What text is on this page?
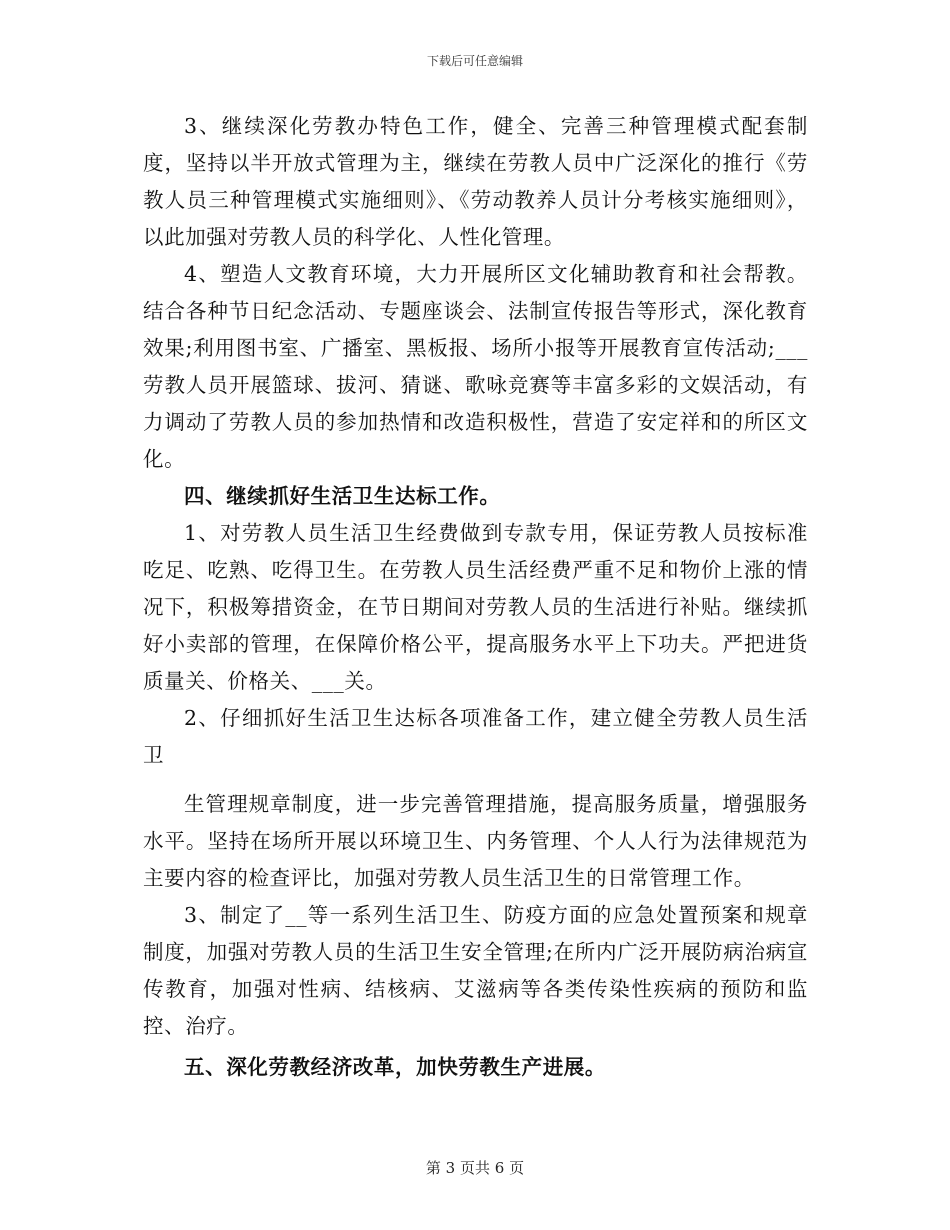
下载后可任意编辑

3、继续深化劳教办特色工作，健全、完善三种管理模式配套制度，坚持以半开放式管理为主，继续在劳教人员中广泛深化的推行《劳教人员三种管理模式实施细则》、《劳动教养人员计分考核实施细则》，以此加强对劳教人员的科学化、人性化管理。

4、塑造人文教育环境，大力开展所区文化辅助教育和社会帮教。结合各种节日纪念活动、专题座谈会、法制宣传报告等形式，深化教育效果;利用图书室、广播室、黑板报、场所小报等开展教育宣传活动;___劳教人员开展篮球、拔河、猜谜、歌咏竞赛等丰富多彩的文娱活动，有力调动了劳教人员的参加热情和改造积极性，营造了安定祥和的所区文化。

四、继续抓好生活卫生达标工作。

1、对劳教人员生活卫生经费做到专款专用，保证劳教人员按标准吃足、吃熟、吃得卫生。在劳教人员生活经费严重不足和物价上涨的情况下，积极筹措资金，在节日期间对劳教人员的生活进行补贴。继续抓好小卖部的管理，在保障价格公平，提高服务水平上下功夫。严把进货质量关、价格关、___关。

2、仔细抓好生活卫生达标各项准备工作，建立健全劳教人员生活卫

生管理规章制度，进一步完善管理措施，提高服务质量，增强服务水平。坚持在场所开展以环境卫生、内务管理、个人人行为法律规范为主要内容的检查评比，加强对劳教人员生活卫生的日常管理工作。

3、制定了__等一系列生活卫生、防疫方面的应急处置预案和规章制度，加强对劳教人员的生活卫生安全管理;在所内广泛开展防病治病宣传教育，加强对性病、结核病、艾滋病等各类传染性疾病的预防和监控、治疗。

五、深化劳教经济改革，加快劳教生产进展。

第 3 页共 6 页
